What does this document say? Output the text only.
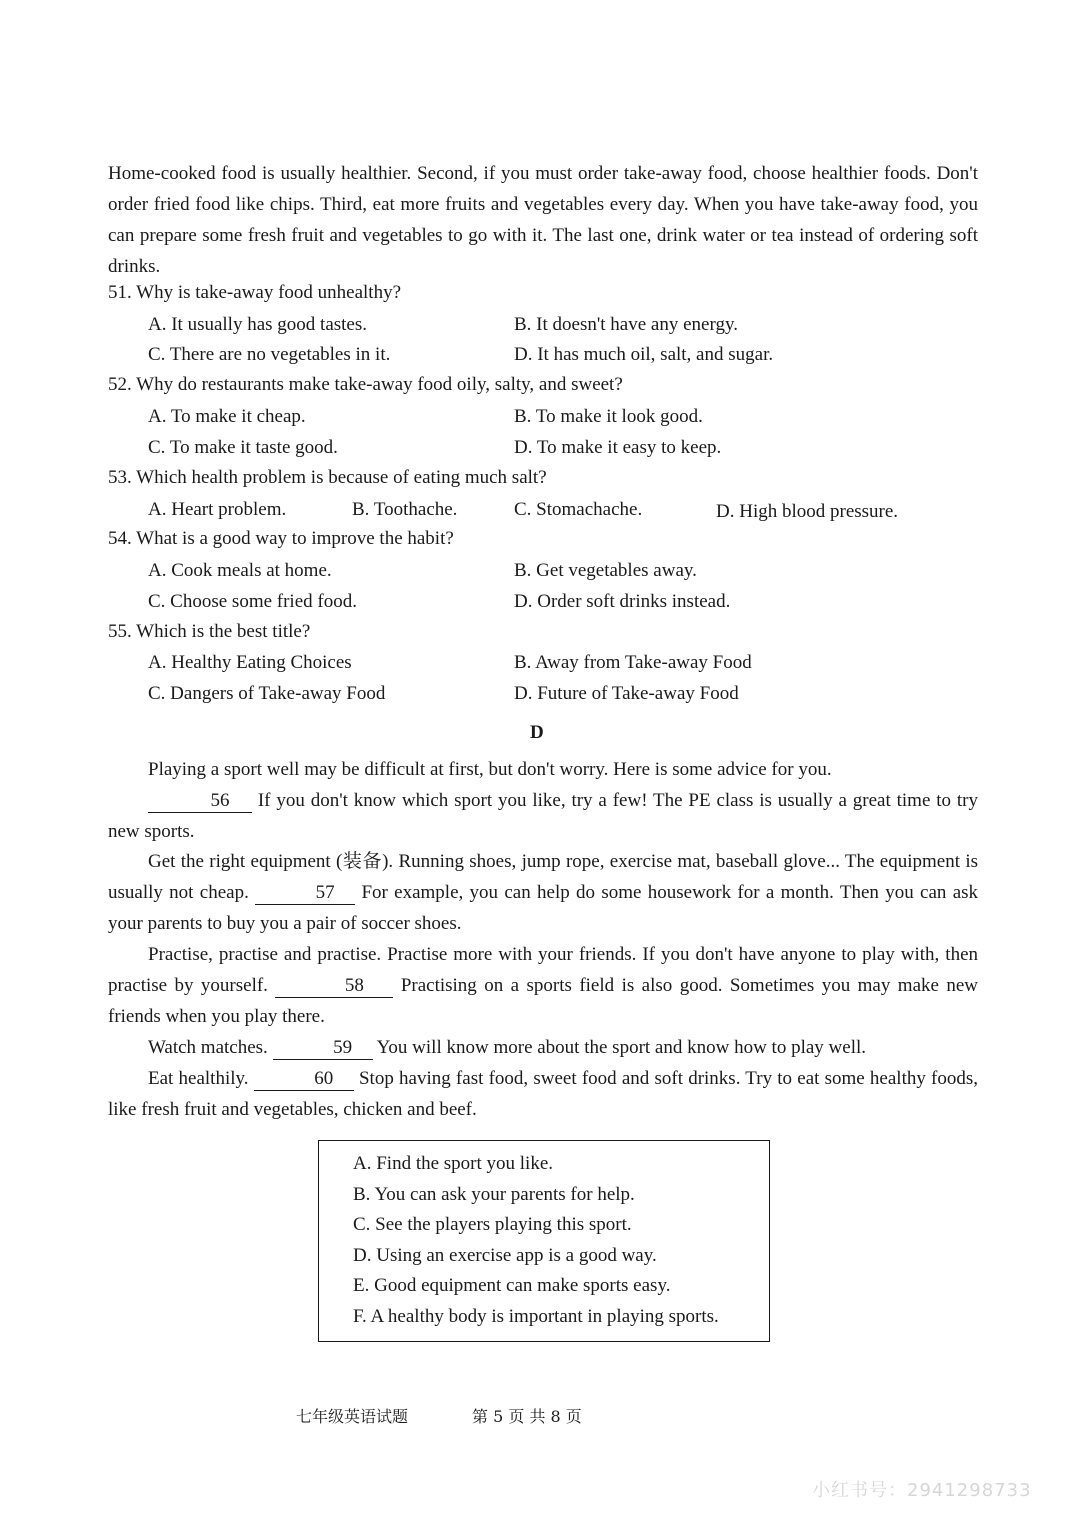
Home-cooked food is usually healthier. Second, if you must order take-away food, choose healthier foods. Don't order fried food like chips. Third, eat more fruits and vegetables every day. When you have take-away food, you can prepare some fresh fruit and vegetables to go with it. The last one, drink water or tea instead of ordering soft drinks.
51. Why is take-away food unhealthy?
A. It usually has good tastes.	B. It doesn't have any energy.
C. There are no vegetables in it.	D. It has much oil, salt, and sugar.
52. Why do restaurants make take-away food oily, salty, and sweet?
A. To make it cheap.	B. To make it look good.
C. To make it taste good.	D. To make it easy to keep.
53. Which health problem is because of eating much salt?
A. Heart problem.	B. Toothache.	C. Stomachache.	D. High blood pressure.
54. What is a good way to improve the habit?
A. Cook meals at home.	B. Get vegetables away.
C. Choose some fried food.	D. Order soft drinks instead.
55. Which is the best title?
A. Healthy Eating Choices	B. Away from Take-away Food
C. Dangers of Take-away Food	D. Future of Take-away Food
D
Playing a sport well may be difficult at first, but don't worry. Here is some advice for you.
56 If you don't know which sport you like, try a few! The PE class is usually a great time to try new sports.
Get the right equipment (装备). Running shoes, jump rope, exercise mat, baseball glove... The equipment is usually not cheap.	57 For example, you can help do some housework for a month. Then you can ask your parents to buy you a pair of soccer shoes.
Practise, practise and practise. Practise more with your friends. If you don't have anyone to play with, then practise by yourself.	58 Practising on a sports field is also good. Sometimes you may make new friends when you play there.
Watch matches.	59 You will know more about the sport and know how to play well.
Eat healthily.	60 Stop having fast food, sweet food and soft drinks. Try to eat some healthy foods, like fresh fruit and vegetables, chicken and beef.
A. Find the sport you like.
B. You can ask your parents for help.
C. See the players playing this sport.
D. Using an exercise app is a good way.
E. Good equipment can make sports easy.
F. A healthy body is important in playing sports.
七年级英语试题	第 5 页 共 8 页
小红书号：2941298733
